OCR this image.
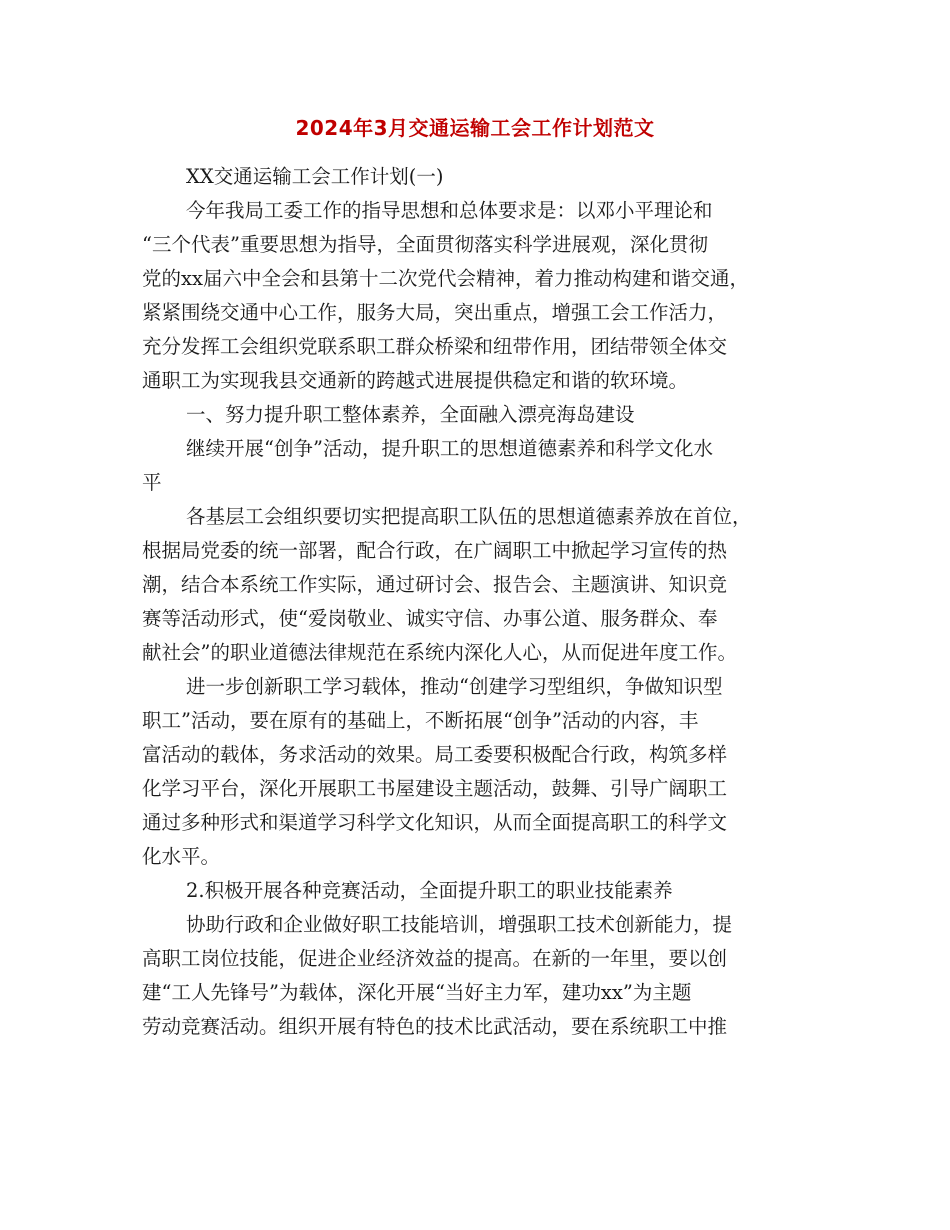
2024年3月交通运输工会工作计划范文
XX交通运输工会工作计划(一)
今年我局工委工作的指导思想和总体要求是：以邓小平理论和
“三个代表”重要思想为指导，全面贯彻落实科学进展观，深化贯彻
党的xx届六中全会和县第十二次党代会精神，着力推动构建和谐交通，
紧紧围绕交通中心工作，服务大局，突出重点，增强工会工作活力，
充分发挥工会组织党联系职工群众桥梁和纽带作用，团结带领全体交
通职工为实现我县交通新的跨越式进展提供稳定和谐的软环境。
一、努力提升职工整体素养，全面融入漂亮海岛建设
继续开展“创争”活动，提升职工的思想道德素养和科学文化水
平
各基层工会组织要切实把提高职工队伍的思想道德素养放在首位，
根据局党委的统一部署，配合行政，在广阔职工中掀起学习宣传的热
潮，结合本系统工作实际，通过研讨会、报告会、主题演讲、知识竞
赛等活动形式，使“爱岗敬业、诚实守信、办事公道、服务群众、奉
献社会”的职业道德法律规范在系统内深化人心，从而促进年度工作。
进一步创新职工学习载体，推动“创建学习型组织，争做知识型
职工”活动，要在原有的基础上，不断拓展“创争”活动的内容，丰
富活动的载体，务求活动的效果。局工委要积极配合行政，构筑多样
化学习平台，深化开展职工书屋建设主题活动，鼓舞、引导广阔职工
通过多种形式和渠道学习科学文化知识，从而全面提高职工的科学文
化水平。
2.积极开展各种竞赛活动，全面提升职工的职业技能素养
协助行政和企业做好职工技能培训，增强职工技术创新能力，提
高职工岗位技能，促进企业经济效益的提高。在新的一年里，要以创
建“工人先锋号”为载体，深化开展“当好主力军，建功xx”为主题
劳动竞赛活动。组织开展有特色的技术比武活动，要在系统职工中推
